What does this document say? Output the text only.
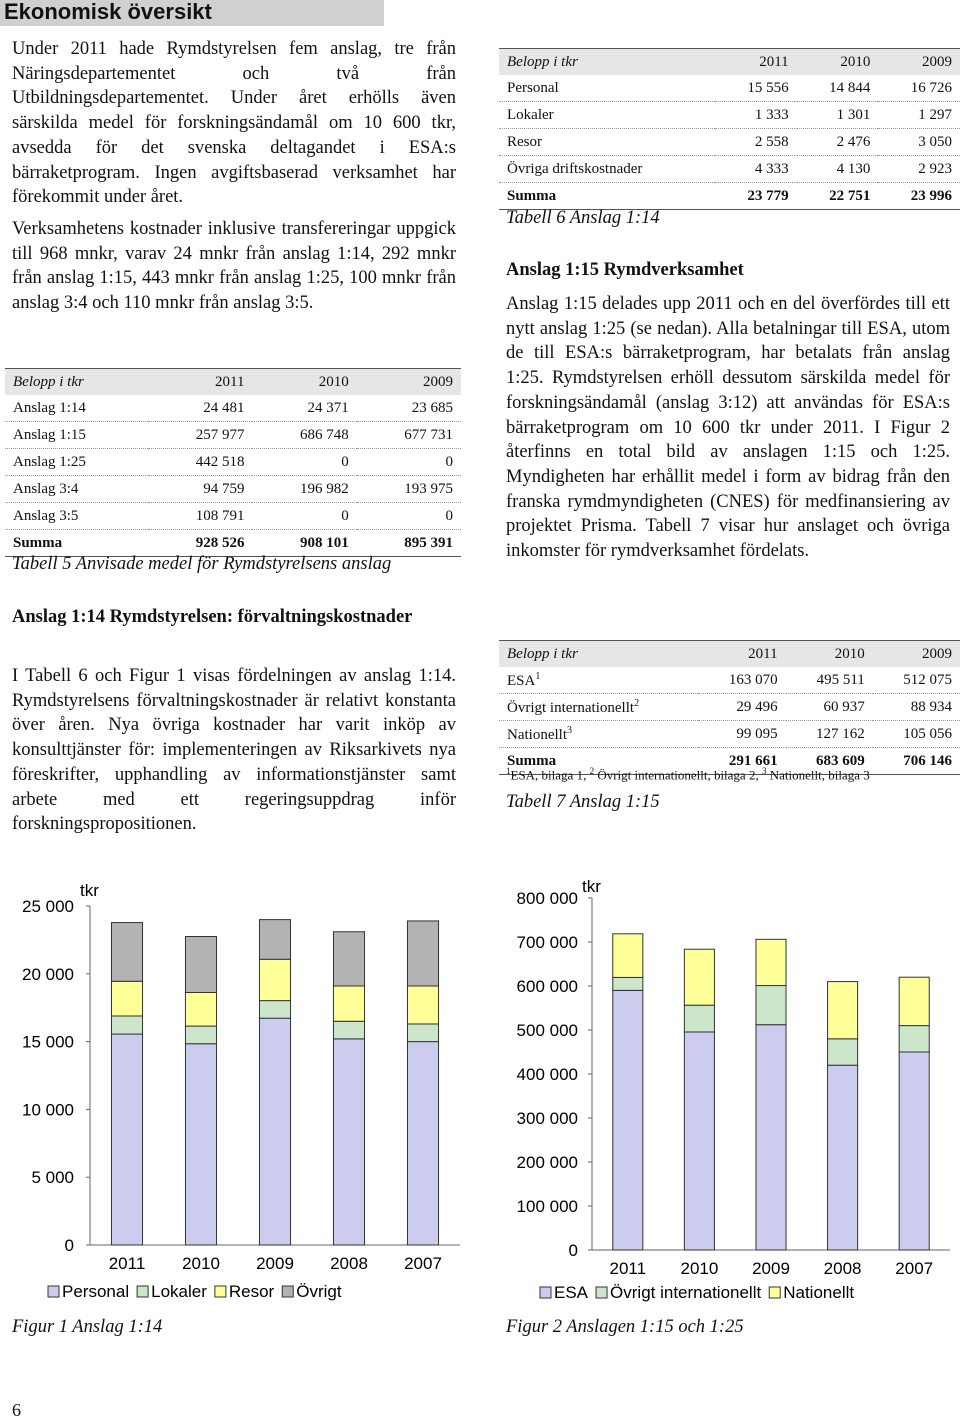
Ekonomisk översikt

Under 2011 hade Rymdstyrelsen fem anslag, tre från Näringsdepartementet och två från Utbildningsdepartementet. Under året erhölls även särskilda medel för forskningsändamål om 10 600 tkr, avsedda för det svenska deltagandet i ESA:s bärraketprogram. Ingen avgiftsbaserad verksamhet har förekommit under året.

Verksamhetens kostnader inklusive transfereringar uppgick till 968 mnkr, varav 24 mnkr från anslag 1:14, 292 mnkr från anslag 1:15, 443 mnkr från anslag 1:25, 100 mnkr från anslag 3:4 och 110 mnkr från anslag 3:5.

Belopp i tkr	2011	2010	2009
Anslag 1:14	24 481	24 371	23 685
Anslag 1:15	257 977	686 748	677 731
Anslag 1:25	442 518	0	0
Anslag 3:4	94 759	196 982	193 975
Anslag 3:5	108 791	0	0
Summa	928 526	908 101	895 391
Tabell 5 Anvisade medel för Rymdstyrelsens anslag

Anslag 1:14 Rymdstyrelsen: förvaltningskostnader

I Tabell 6 och Figur 1 visas fördelningen av anslag 1:14. Rymdstyrelsens förvaltningskostnader är relativt konstanta över åren. Nya övriga kostnader har varit inköp av konsulttjänster för: implementeringen av Riksarkivets nya föreskrifter, upphandling av informationstjänster samt arbete med ett regeringsuppdrag inför forskningspropositionen.

Belopp i tkr	2011	2010	2009
Personal	15 556	14 844	16 726
Lokaler	1 333	1 301	1 297
Resor	2 558	2 476	3 050
Övriga driftskostnader	4 333	4 130	2 923
Summa	23 779	22 751	23 996
Tabell 6 Anslag 1:14

Anslag 1:15 Rymdverksamhet

Anslag 1:15 delades upp 2011 och en del överfördes till ett nytt anslag 1:25 (se nedan). Alla betalningar till ESA, utom de till ESA:s bärraketprogram, har betalats från anslag 1:25. Rymdstyrelsen erhöll dessutom särskilda medel för forskningsändamål (anslag 3:12) att användas för ESA:s bärraketprogram om 10 600 tkr under 2011. I Figur 2 återfinns en total bild av anslagen 1:15 och 1:25. Myndigheten har erhållit medel i form av bidrag från den franska rymdmyndigheten (CNES) för medfinansiering av projektet Prisma. Tabell 7 visar hur anslaget och övriga inkomster för rymdverksamhet fördelats.

Belopp i tkr	2011	2010	2009
ESA$^1$	163 070	495 511	512 075
Övrigt internationellt$^2$	29 496	60 937	88 934
Nationellt$^3$	99 095	127 162	105 056
Summa	291 661	683 609	706 146
$^1$ESA, bilaga 1, $^2$ Övrigt internationellt, bilaga 2, $^3$ Nationellt, bilaga 3
Tabell 7 Anslag 1:15
0
5 000
10 000
15 000
20 000
25 000
tkr
2011 2010 2009 2008 2007
Personal Lokaler Resor Övrigt
Figur 1 Anslag 1:14
0
100 000
200 000
300 000
400 000
500 000
600 000
700 000
800 000
tkr
2011 2010 2009 2008 2007
ESA Övrigt internationellt Nationellt
Figur 2 Anslagen 1:15 och 1:25
6
